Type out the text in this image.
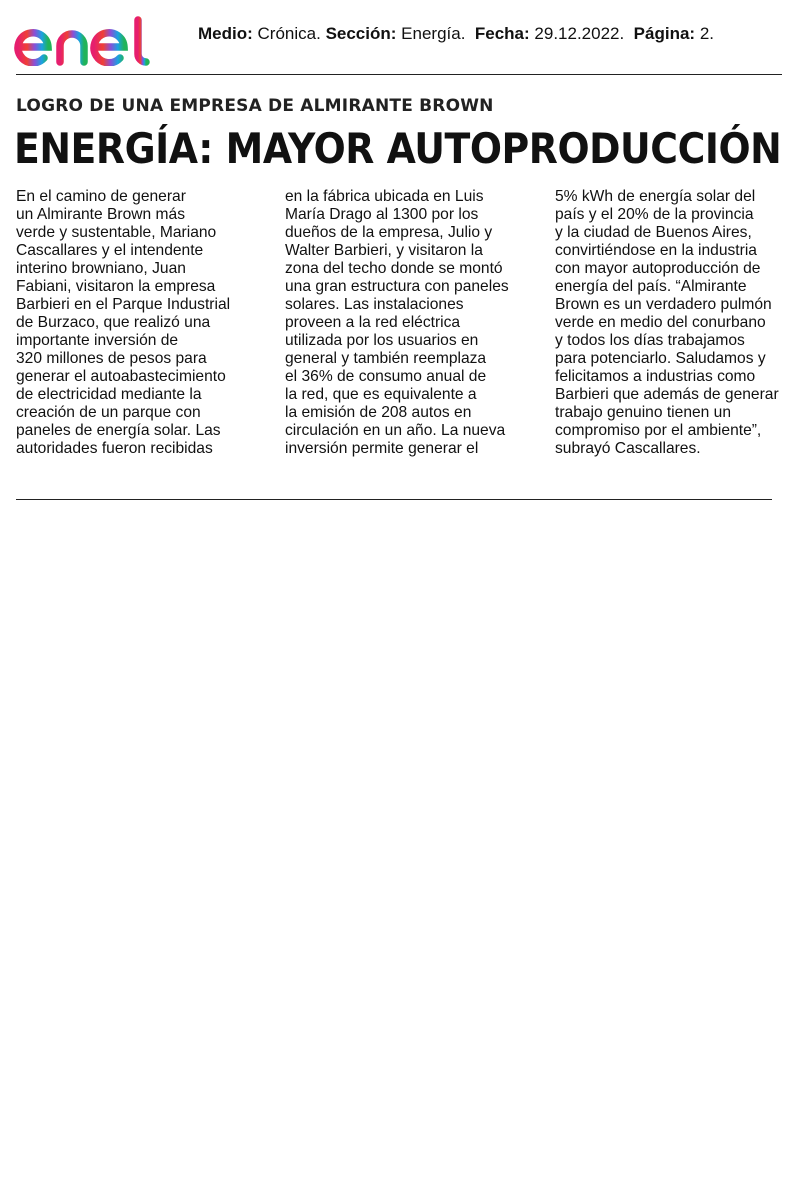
Medio: Crónica. Sección: Energía. Fecha: 29.12.2022. Página: 2.
LOGRO DE UNA EMPRESA DE ALMIRANTE BROWN
ENERGÍA: MAYOR AUTOPRODUCCIÓN
En el camino de generar
un Almirante Brown más
verde y sustentable, Mariano
Cascallares y el intendente
interino browniano, Juan
Fabiani, visitaron la empresa
Barbieri en el Parque Industrial
de Burzaco, que realizó una
importante inversión de
320 millones de pesos para
generar el autoabastecimiento
de electricidad mediante la
creación de un parque con
paneles de energía solar. Las
autoridades fueron recibidas
en la fábrica ubicada en Luis
María Drago al 1300 por los
dueños de la empresa, Julio y
Walter Barbieri, y visitaron la
zona del techo donde se montó
una gran estructura con paneles
solares. Las instalaciones
proveen a la red eléctrica
utilizada por los usuarios en
general y también reemplaza
el 36% de consumo anual de
la red, que es equivalente a
la emisión de 208 autos en
circulación en un año. La nueva
inversión permite generar el
5% kWh de energía solar del
país y el 20% de la provincia
y la ciudad de Buenos Aires,
convirtiéndose en la industria
con mayor autoproducción de
energía del país. “Almirante
Brown es un verdadero pulmón
verde en medio del conurbano
y todos los días trabajamos
para potenciarlo. Saludamos y
felicitamos a industrias como
Barbieri que además de generar
trabajo genuino tienen un
compromiso por el ambiente”,
subrayó Cascallares.
